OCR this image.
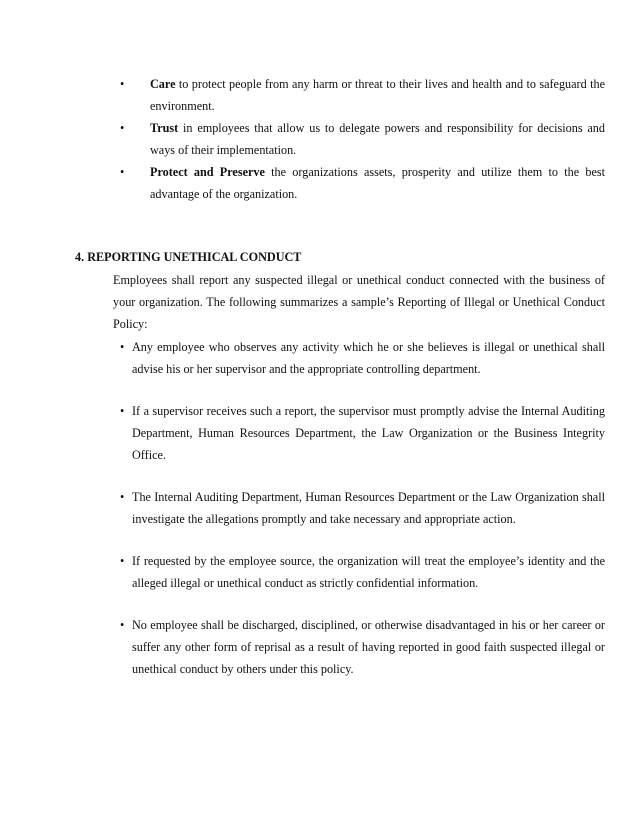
• Care to protect people from any harm or threat to their lives and health and to safeguard the environment.
• Trust in employees that allow us to delegate powers and responsibility for decisions and ways of their implementation.
• Protect and Preserve the organizations assets, prosperity and utilize them to the best advantage of the organization.
4. REPORTING UNETHICAL CONDUCT
Employees shall report any suspected illegal or unethical conduct connected with the business of your organization. The following summarizes a sample’s Reporting of Illegal or Unethical Conduct Policy:
• Any employee who observes any activity which he or she believes is illegal or unethical shall advise his or her supervisor and the appropriate controlling department.
• If a supervisor receives such a report, the supervisor must promptly advise the Internal Auditing Department, Human Resources Department, the Law Organization or the Business Integrity Office.
• The Internal Auditing Department, Human Resources Department or the Law Organization shall investigate the allegations promptly and take necessary and appropriate action.
• If requested by the employee source, the organization will treat the employee’s identity and the alleged illegal or unethical conduct as strictly confidential information.
• No employee shall be discharged, disciplined, or otherwise disadvantaged in his or her career or suffer any other form of reprisal as a result of having reported in good faith suspected illegal or unethical conduct by others under this policy.
